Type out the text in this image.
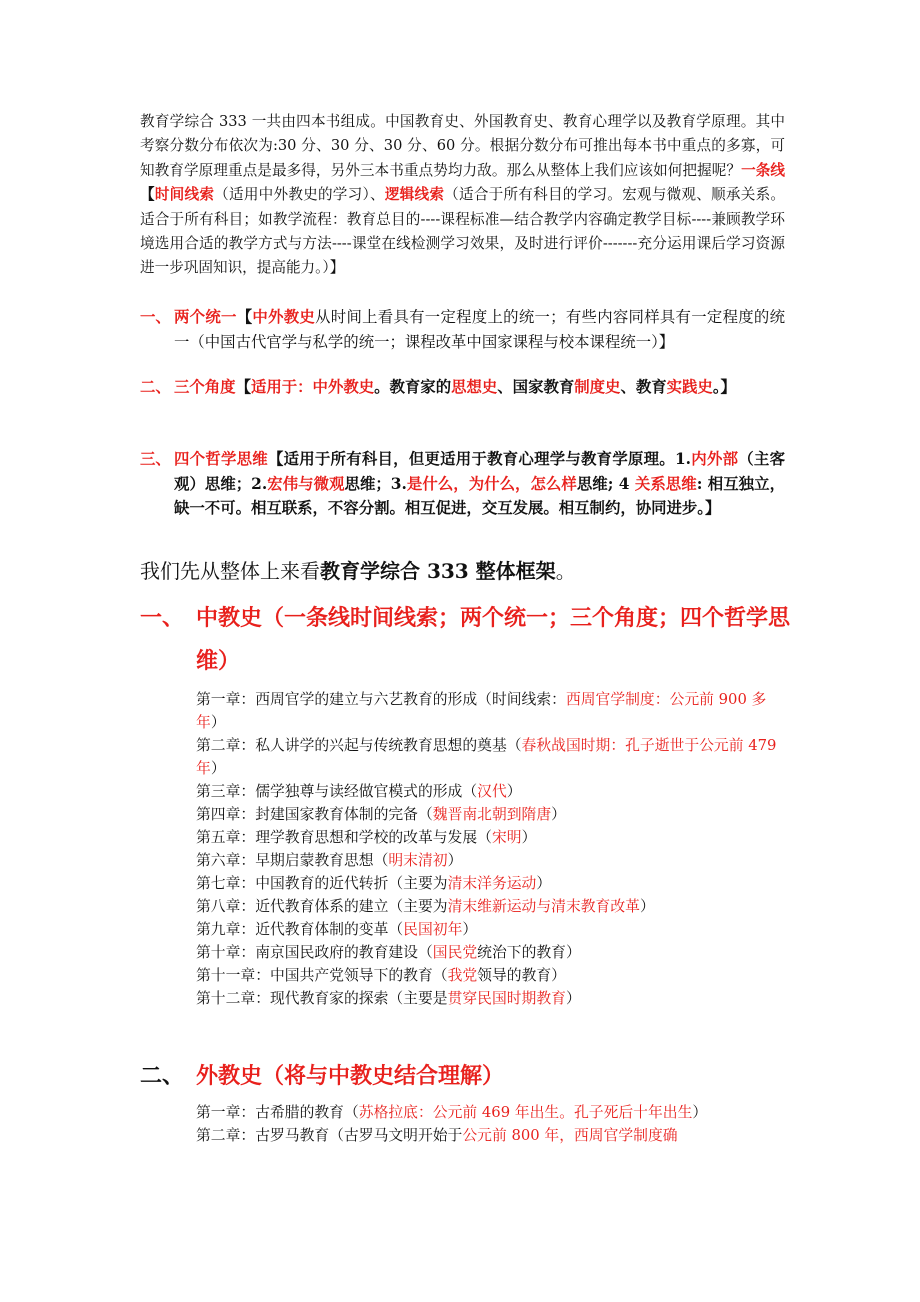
教育学综合 333 一共由四本书组成。中国教育史、外国教育史、教育心理学以及教育学原理。其中考察分数分布依次为:30 分、30 分、30 分、60 分。根据分数分布可推出每本书中重点的多寡，可知教育学原理重点是最多得，另外三本书重点势均力敌。那么从整体上我们应该如何把握呢？一条线【时间线索（适用中外教史的学习）、逻辑线索（适合于所有科目的学习。宏观与微观、顺承关系。适合于所有科目；如教学流程：教育总目的----课程标准—结合教学内容确定教学目标----兼顾教学环境选用合适的教学方式与方法----课堂在线检测学习效果，及时进行评价-------充分运用课后学习资源进一步巩固知识，提高能力。）】

一、 两个统一【中外教史从时间上看具有一定程度上的统一；有些内容同样具有一定程度的统一（中国古代官学与私学的统一；课程改革中国家课程与校本课程统一）】
二、 三个角度【适用于：中外教史。教育家的思想史、国家教育制度史、教育实践史。】
三、 四个哲学思维【适用于所有科目，但更适用于教育心理学与教育学原理。1.内外部（主客观）思维；2.宏伟与微观思维；3.是什么，为什么，怎么样思维; 4 关系思维: 相互独立，缺一不可。相互联系，不容分割。相互促进，交互发展。相互制约，协同进步。】
我们先从整体上来看教育学综合 333 整体框架。
一、 中教史（一条线时间线索；两个统一；三个角度；四个哲学思维）

第一章：西周官学的建立与六艺教育的形成（时间线索：西周官学制度：公元前 900 多年）

第二章：私人讲学的兴起与传统教育思想的奠基（春秋战国时期：孔子逝世于公元前 479 年）

第三章：儒学独尊与读经做官模式的形成（汉代）

第四章：封建国家教育体制的完备（魏晋南北朝到隋唐）

第五章：理学教育思想和学校的改革与发展（宋明）

第六章：早期启蒙教育思想（明末清初）

第七章：中国教育的近代转折（主要为清末洋务运动）

第八章：近代教育体系的建立（主要为清末维新运动与清末教育改革）

第九章：近代教育体制的变革（民国初年）

第十章：南京国民政府的教育建设（国民党统治下的教育）

第十一章：中国共产党领导下的教育（我党领导的教育）

第十二章：现代教育家的探索（主要是贯穿民国时期教育）

二、 外教史（将与中教史结合理解）

第一章：古希腊的教育（苏格拉底：公元前 469 年出生。孔子死后十年出生）

第二章：古罗马教育（古罗马文明开始于公元前 800 年，西周官学制度确
